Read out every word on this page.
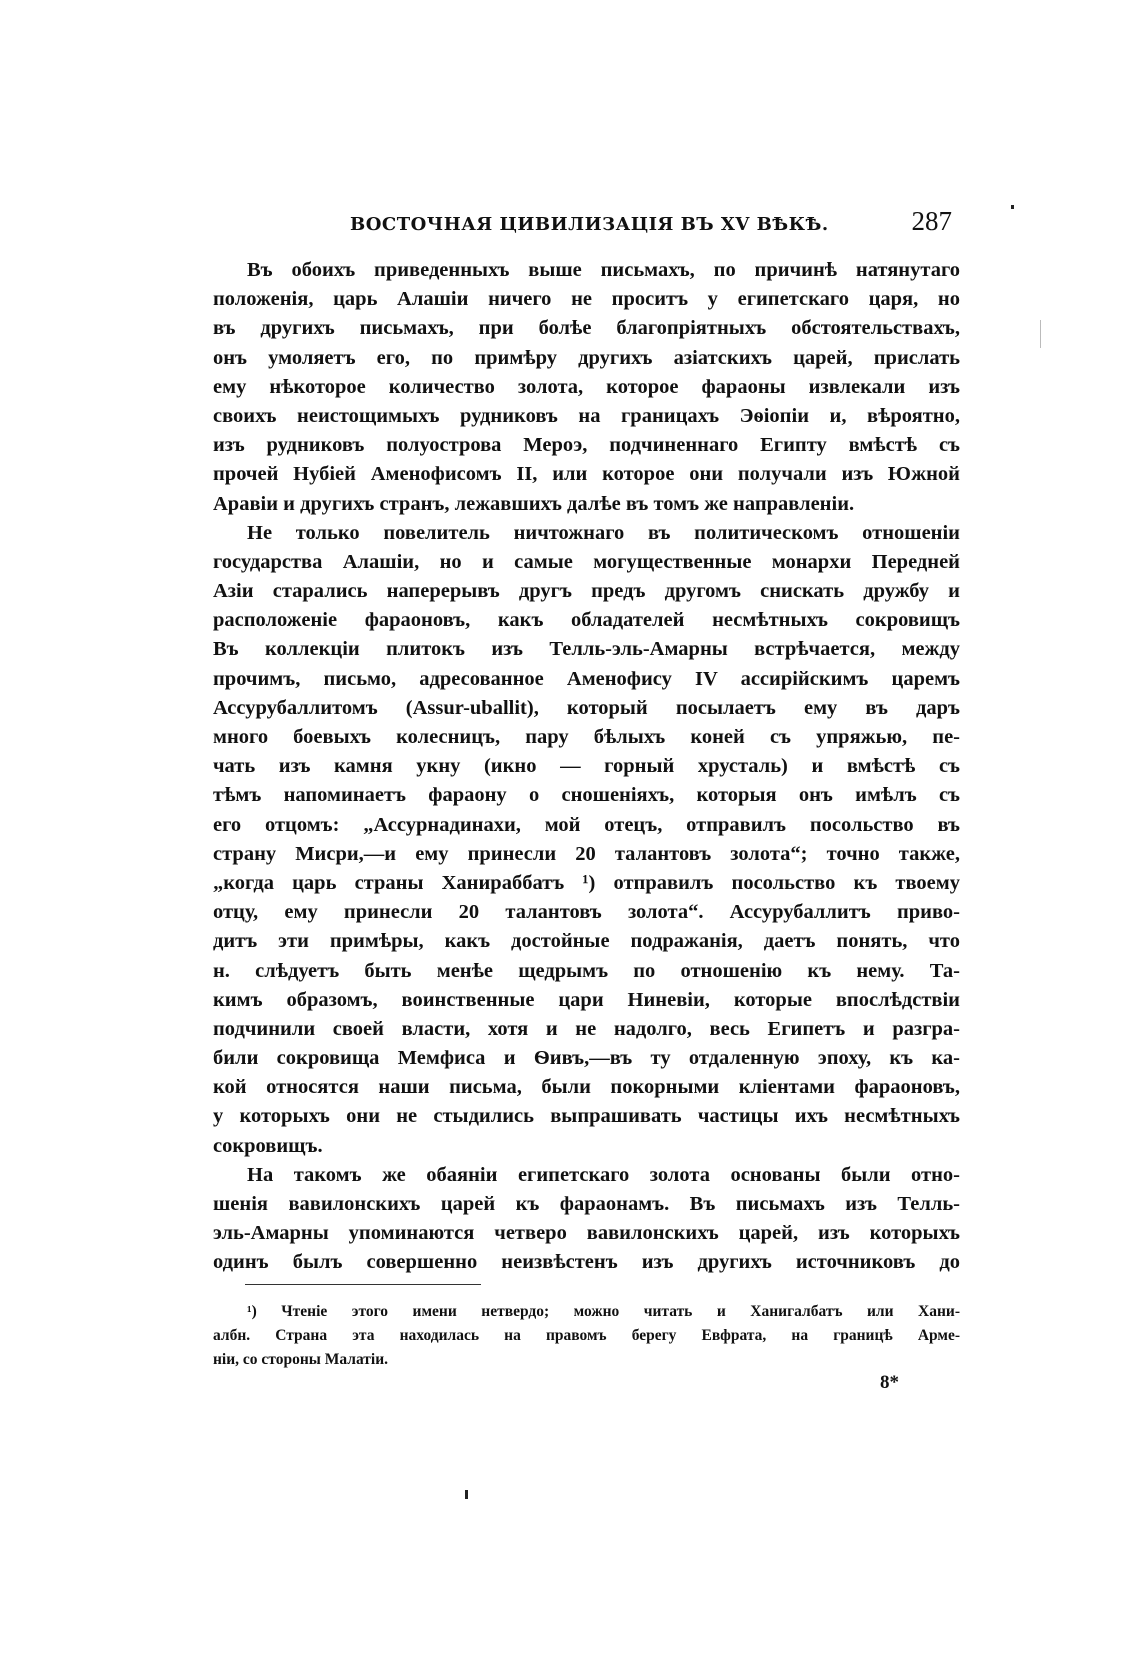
ВОСТОЧНАЯ ЦИВИЛИЗАЦІЯ ВЪ XV ВѢКѢ.	287
Въ обоихъ приведенныхъ выше письмахъ, по причинѣ натянутаго
положенія, царь Алашіи ничего не проситъ у египетскаго царя, но
въ другихъ письмахъ, при болѣе благопріятныхъ обстоятельствахъ,
онъ умоляетъ его, по примѣру другихъ азіатскихъ царей, прислать
ему нѣкоторое количество золота, которое фараоны извлекали изъ
своихъ неистощимыхъ рудниковъ на границахъ Эѳіопіи и, вѣроятно,
изъ рудниковъ полуострова Мероэ, подчиненнаго Египту вмѣстѣ съ
прочей Нубіей Аменофисомъ II, или которое они получали изъ Южной
Аравіи и другихъ странъ, лежавшихъ далѣе въ томъ же направленіи.
Не только повелитель ничтожнаго въ политическомъ отношеніи
государства Алашіи, но и самые могущественные монархи Передней
Азіи старались наперерывъ другъ предъ другомъ снискать дружбу и
расположеніе фараоновъ, какъ обладателей несмѣтныхъ сокровищъ
Въ коллекціи плитокъ изъ Телль-эль-Амарны встрѣчается, между
прочимъ, письмо, адресованное Аменофису IV ассирійскимъ царемъ
Ассурубаллитомъ (Assur-uballit), который посылаетъ ему въ даръ
много боевыхъ колесницъ, пару бѣлыхъ коней съ упряжью, пе-
чать изъ камня укну (икно — горный хрусталь) и вмѣстѣ съ
тѣмъ напоминаетъ фараону о сношеніяхъ, которыя онъ имѣлъ съ
его отцомъ: „Ассурнадинахи, мой отецъ, отправилъ посольство въ
страну Мисри,—и ему принесли 20 талантовъ золота“; точно также,
„когда царь страны Ханираббатъ ¹) отправилъ посольство къ твоему
отцу, ему принесли 20 талантовъ золота“. Ассурубаллитъ приво-
дитъ эти примѣры, какъ достойные подражанія, даетъ понять, что
н. слѣдуетъ быть менѣе щедрымъ по отношенію къ нему. Та-
кимъ образомъ, воинственные цари Ниневіи, которые впослѣдствіи
подчинили своей власти, хотя и не надолго, весь Египетъ и разгра-
били сокровища Мемфиса и Ѳивъ,—въ ту отдаленную эпоху, къ ка-
кой относятся наши письма, были покорными кліентами фараоновъ,
у которыхъ они не стыдились выпрашивать частицы ихъ несмѣтныхъ
сокровищъ.
На такомъ же обаяніи египетскаго золота основаны были отно-
шенія вавилонскихъ царей къ фараонамъ. Въ письмахъ изъ Телль-
эль-Амарны упоминаются четверо вавилонскихъ царей, изъ которыхъ
одинъ былъ совершенно неизвѣстенъ изъ другихъ источниковъ до
¹) Чтеніе этого имени нетвердо; можно читать и Ханигалбатъ или Хани-
албн. Страна эта находилась на правомъ берегу Евфрата, на границѣ Арме-
ніи, со стороны Малатіи.
8*
